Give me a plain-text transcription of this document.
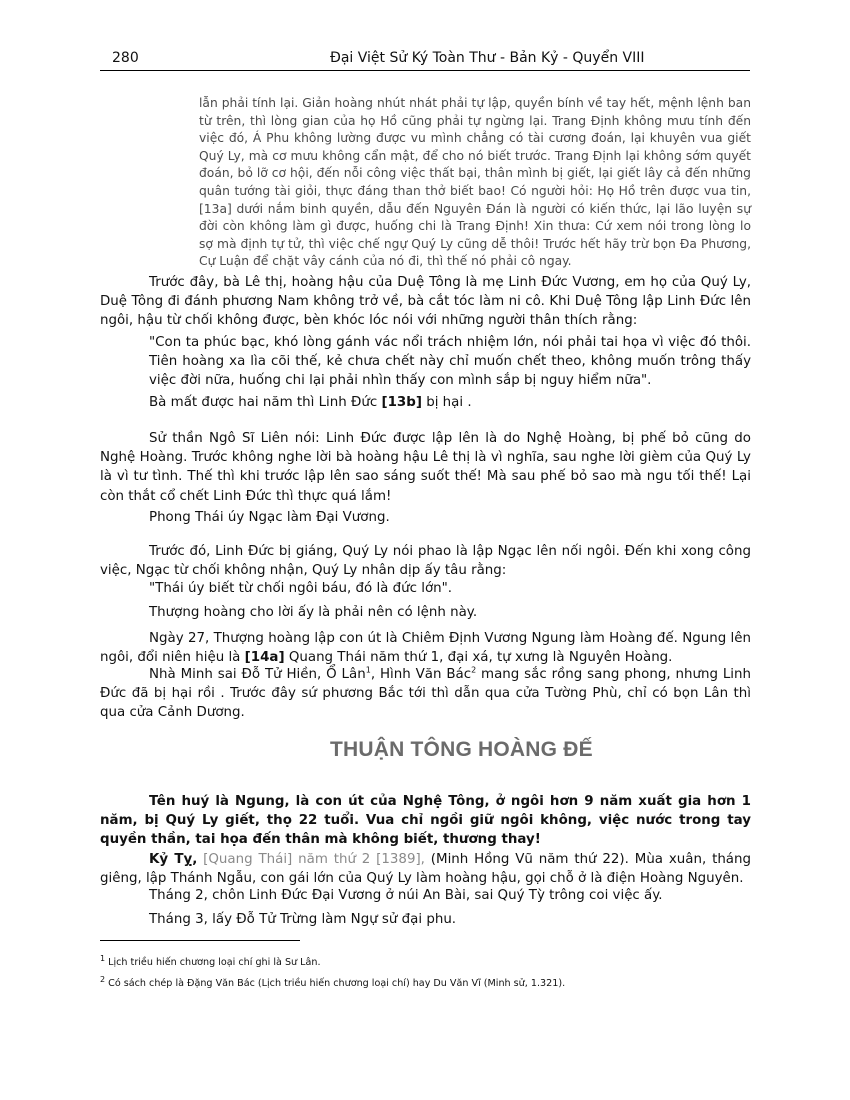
280	Đại Việt Sử Ký Toàn Thư - Bản Kỷ - Quyển VIII
lẫn phải tính lại. Giản hoàng nhút nhát phải tự lập, quyền bính về tay hết, mệnh lệnh ban từ trên, thì lòng gian của họ Hồ cũng phải tự ngừng lại. Trang Định không mưu tính đến việc đó, Á Phu không lường được vu mình chẳng có tài cương đoán, lại khuyên vua giết Quý Ly, mà cơ mưu không cẩn mật, để cho nó biết trước. Trang Định lại không sớm quyết đoán, bỏ lỡ cơ hội, đến nỗi công việc thất bại, thân mình bị giết, lại giết lây cả đến những quân tướng tài giỏi, thực đáng than thở biết bao! Có người hỏi: Họ Hồ trên được vua tin, [13a] dưới nắm binh quyền, dẫu đến Nguyên Đán là người có kiến thức, lại lão luyện sự đời còn không làm gì được, huống chi là Trang Định! Xin thưa: Cứ xem nói trong lòng lo sợ mà định tự tử, thì việc chế ngự Quý Ly cũng dễ thôi! Trước hết hãy trừ bọn Đa Phương, Cự Luận để chặt vây cánh của nó đi, thì thế nó phải cô ngay.
Trước đây, bà Lê thị, hoàng hậu của Duệ Tông là mẹ Linh Đức Vương, em họ của Quý Ly, Duệ Tông đi đánh phương Nam không trở về, bà cắt tóc làm ni cô. Khi Duệ Tông lập Linh Đức lên ngôi, hậu từ chối không được, bèn khóc lóc nói với những người thân thích rằng:
"Con ta phúc bạc, khó lòng gánh vác nổi trách nhiệm lớn, nói phải tai họa vì việc đó thôi. Tiên hoàng xa lìa cõi thế, kẻ chưa chết này chỉ muốn chết theo, không muốn trông thấy việc đời nữa, huống chi lại phải nhìn thấy con mình sắp bị nguy hiểm nữa".
Bà mất được hai năm thì Linh Đức [13b] bị hại .
Sử thần Ngô Sĩ Liên nói: Linh Đức được lập lên là do Nghệ Hoàng, bị phế bỏ cũng do Nghệ Hoàng. Trước không nghe lời bà hoàng hậu Lê thị là vì nghĩa, sau nghe lời gièm của Quý Ly là vì tư tình. Thế thì khi trước lập lên sao sáng suốt thế! Mà sau phế bỏ sao mà ngu tối thế! Lại còn thắt cổ chết Linh Đức thì thực quá lắm!
Phong Thái úy Ngạc làm Đại Vương.
Trước đó, Linh Đức bị giáng, Quý Ly nói phao là lập Ngạc lên nối ngôi. Đến khi xong công việc, Ngạc từ chối không nhận, Quý Ly nhân dịp ấy tâu rằng:
"Thái úy biết từ chối ngôi báu, đó là đức lớn".
Thượng hoàng cho lời ấy là phải nên có lệnh này.
Ngày 27, Thượng hoàng lập con út là Chiêm Định Vương Ngung làm Hoàng đế. Ngung lên ngôi, đổi niên hiệu là [14a] Quang Thái năm thứ 1, đại xá, tự xưng là Nguyên Hoàng.
Nhà Minh sai Đỗ Tử Hiền, Ổ Lân$^1$, Hình Văn Bác$^2$ mang sắc rồng sang phong, nhưng Linh Đức đã bị hại rồi . Trước đây sứ phương Bắc tới thì dẫn qua cửa Tường Phù, chỉ có bọn Lân thì qua cửa Cảnh Dương.
THUẬN TÔNG HOÀNG ĐẾ
Tên huý là Ngung, là con út của Nghệ Tông, ở ngôi hơn 9 năm xuất gia hơn 1 năm, bị Quý Ly giết, thọ 22 tuổi. Vua chỉ ngồi giữ ngôi không, việc nước trong tay quyền thần, tai họa đến thân mà không biết, thương thay!
Kỷ Tỵ, [Quang Thái] năm thứ 2 [1389], (Minh Hồng Vũ năm thứ 22). Mùa xuân, tháng giêng, lập Thánh Ngẫu, con gái lớn của Quý Ly làm hoàng hậu, gọi chỗ ở là điện Hoàng Nguyên.
Tháng 2, chôn Linh Đức Đại Vương ở núi An Bài, sai Quý Tỳ trông coi việc ấy.
Tháng 3, lấy Đỗ Tử Trừng làm Ngự sử đại phu.
$^1$ Lịch triều hiến chương loại chí ghi là Sư Lân.
$^2$ Có sách chép là Đặng Văn Bác (Lịch triều hiến chương loại chí) hay Du Văn Vĩ (Minh sử, 1.321).
